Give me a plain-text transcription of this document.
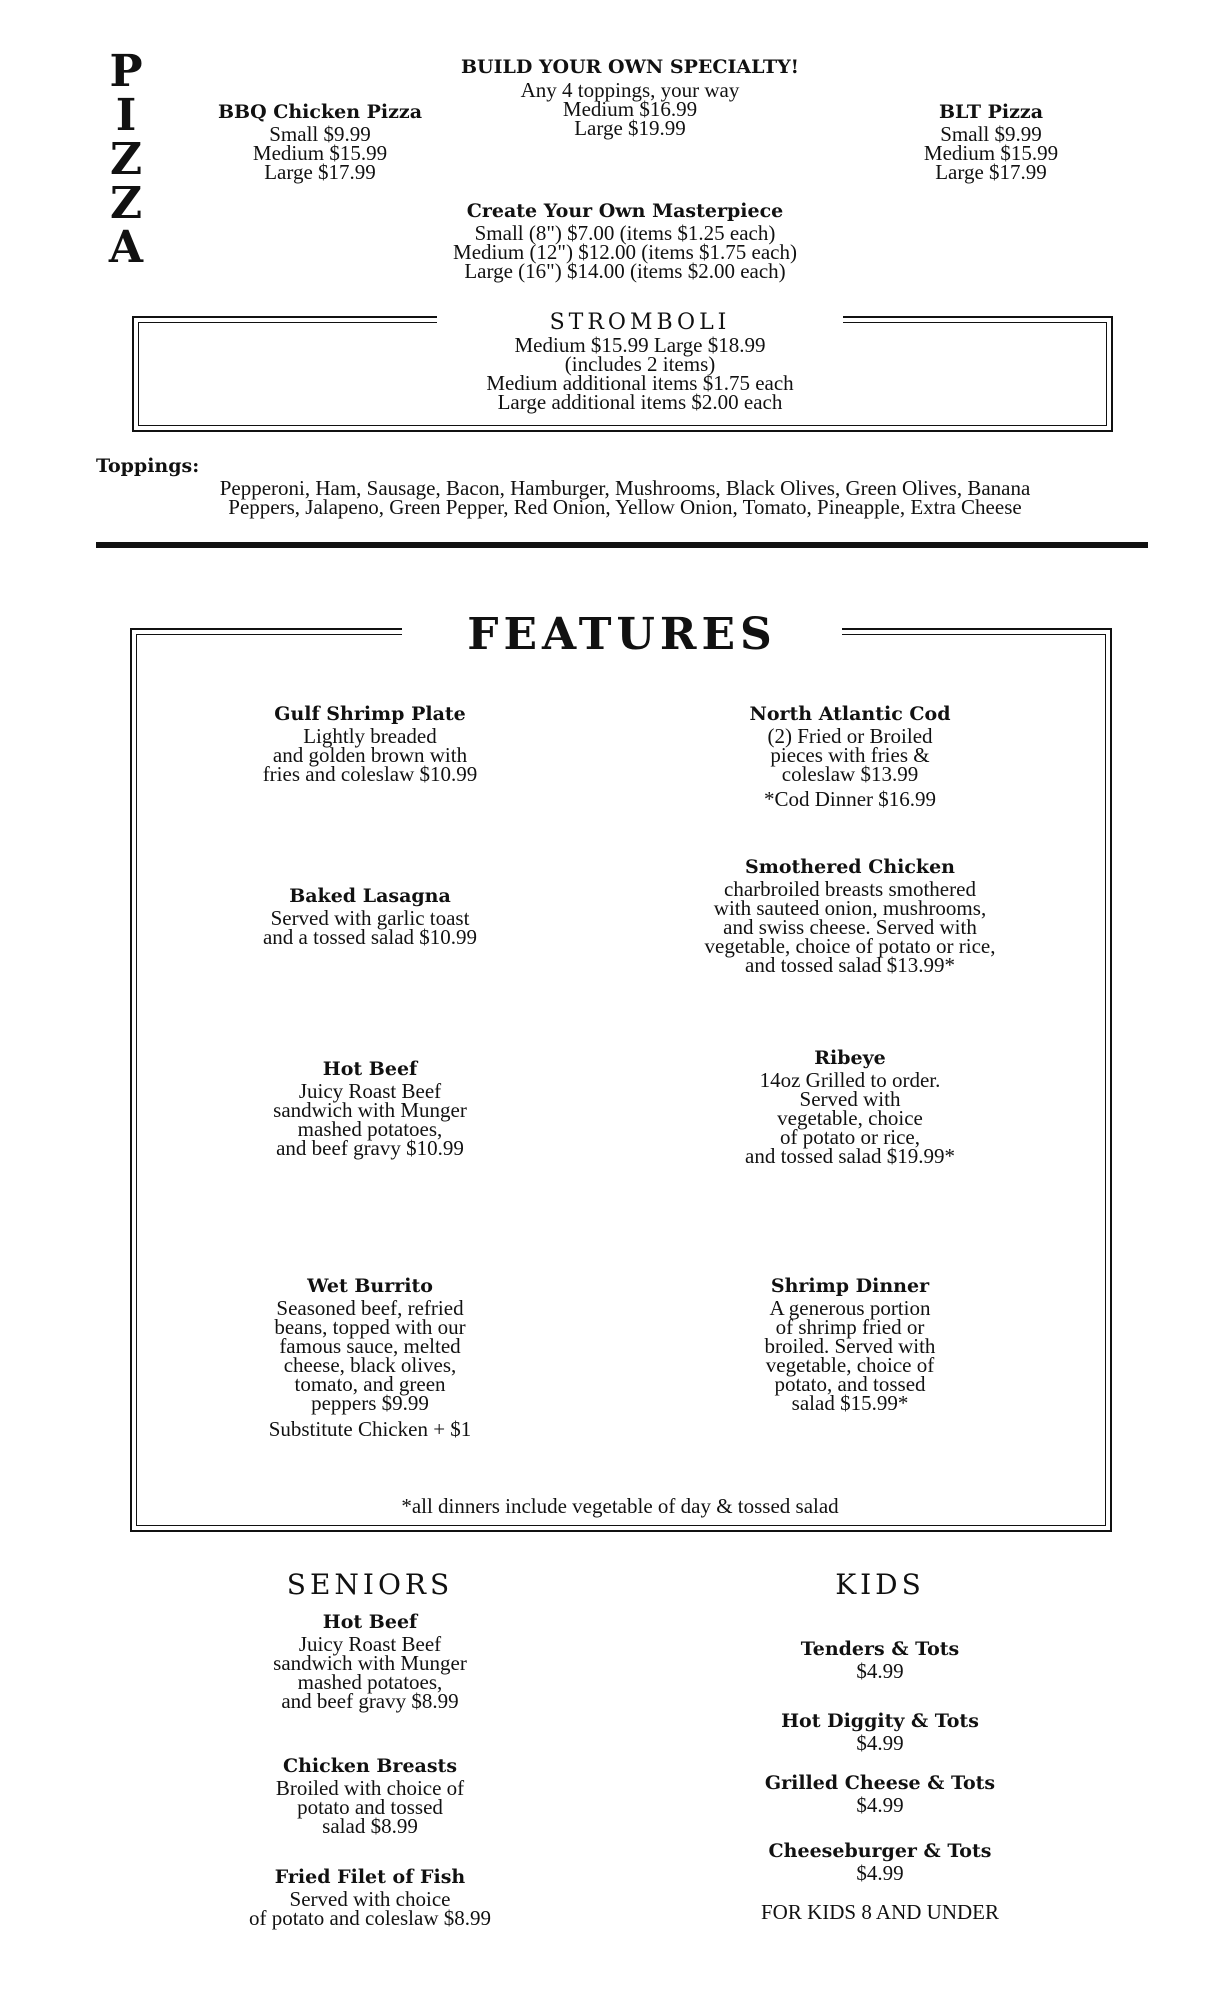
P
I
Z
Z
A
BUILD YOUR OWN SPECIALTY!
Any 4 toppings, your way
Medium $16.99
Large $19.99
BBQ Chicken Pizza
Small $9.99
Medium $15.99
Large $17.99
BLT Pizza
Small $9.99
Medium $15.99
Large $17.99
Create Your Own Masterpiece
Small (8") $7.00 (items $1.25 each)
Medium (12") $12.00 (items $1.75 each)
Large (16") $14.00 (items $2.00 each)
STROMBOLI
Medium $15.99 Large $18.99
(includes 2 items)
Medium additional items $1.75 each
Large additional items $2.00 each
Toppings:
Pepperoni, Ham, Sausage, Bacon, Hamburger, Mushrooms, Black Olives, Green Olives, Banana
Peppers, Jalapeno, Green Pepper, Red Onion, Yellow Onion, Tomato, Pineapple, Extra Cheese
FEATURES
Gulf Shrimp Plate
Lightly breaded
and golden brown with
fries and coleslaw $10.99
Baked Lasagna
Served with garlic toast
and a tossed salad $10.99
Hot Beef
Juicy Roast Beef
sandwich with Munger
mashed potatoes,
and beef gravy $10.99
Wet Burrito
Seasoned beef, refried
beans, topped with our
famous sauce, melted
cheese, black olives,
tomato, and green
peppers $9.99
Substitute Chicken + $1
North Atlantic Cod
(2) Fried or Broiled
pieces with fries &
coleslaw $13.99
*Cod Dinner $16.99
Smothered Chicken
charbroiled breasts smothered
with sauteed onion, mushrooms,
and swiss cheese. Served with
vegetable, choice of potato or rice,
and tossed salad $13.99*
Ribeye
14oz Grilled to order.
Served with
vegetable, choice
of potato or rice,
and tossed salad $19.99*
Shrimp Dinner
A generous portion
of shrimp fried or
broiled. Served with
vegetable, choice of
potato, and tossed
salad $15.99*
*all dinners include vegetable of day & tossed salad
SENIORS
Hot Beef
Juicy Roast Beef
sandwich with Munger
mashed potatoes,
and beef gravy $8.99
Chicken Breasts
Broiled with choice of
potato and tossed
salad $8.99
Fried Filet of Fish
Served with choice
of potato and coleslaw $8.99
KIDS
Tenders & Tots
$4.99
Hot Diggity & Tots
$4.99
Grilled Cheese & Tots
$4.99
Cheeseburger & Tots
$4.99
FOR KIDS 8 AND UNDER
